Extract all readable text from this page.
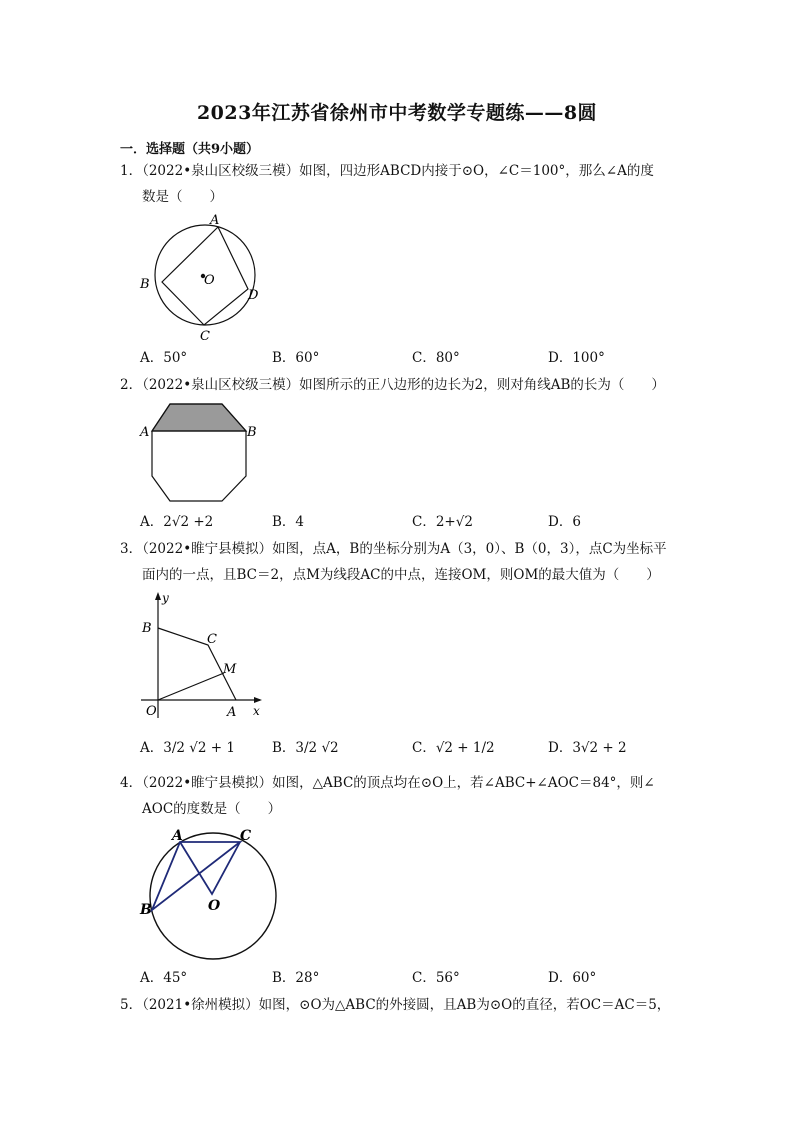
2023年江苏省徐州市中考数学专题练——8圆
一．选择题（共9小题）
1．（2022•泉山区校级三模）如图，四边形ABCD内接于⊙O，∠C＝100°，那么∠A的度
数是（　　）
A
B	O
D
C
A．50°	B．60°	C．80°	D．100°
2．（2022•泉山区校级三模）如图所示的正八边形的边长为2，则对角线AB的长为（　　）
A	B
A．2√2 +2	B．4	C．2+√2	D．6
3．（2022•睢宁县模拟）如图，点A，B的坐标分别为A（3，0）、B（0，3），点C为坐标平
面内的一点，且BC＝2，点M为线段AC的中点，连接OM，则OM的最大值为（　　）
y
B
C
M
O	A x
A．3/2 √2 + 1	B．3/2 √2	C．√2 + 1/2	D．3√2 + 2
4．（2022•睢宁县模拟）如图，△ABC的顶点均在⊙O上，若∠ABC+∠AOC＝84°，则∠
AOC的度数是（　　）
A	C
B	O
A．45°	B．28°	C．56°	D．60°
5．（2021•徐州模拟）如图，⊙O为△ABC的外接圆，且AB为⊙O的直径，若OC＝AC＝5，
